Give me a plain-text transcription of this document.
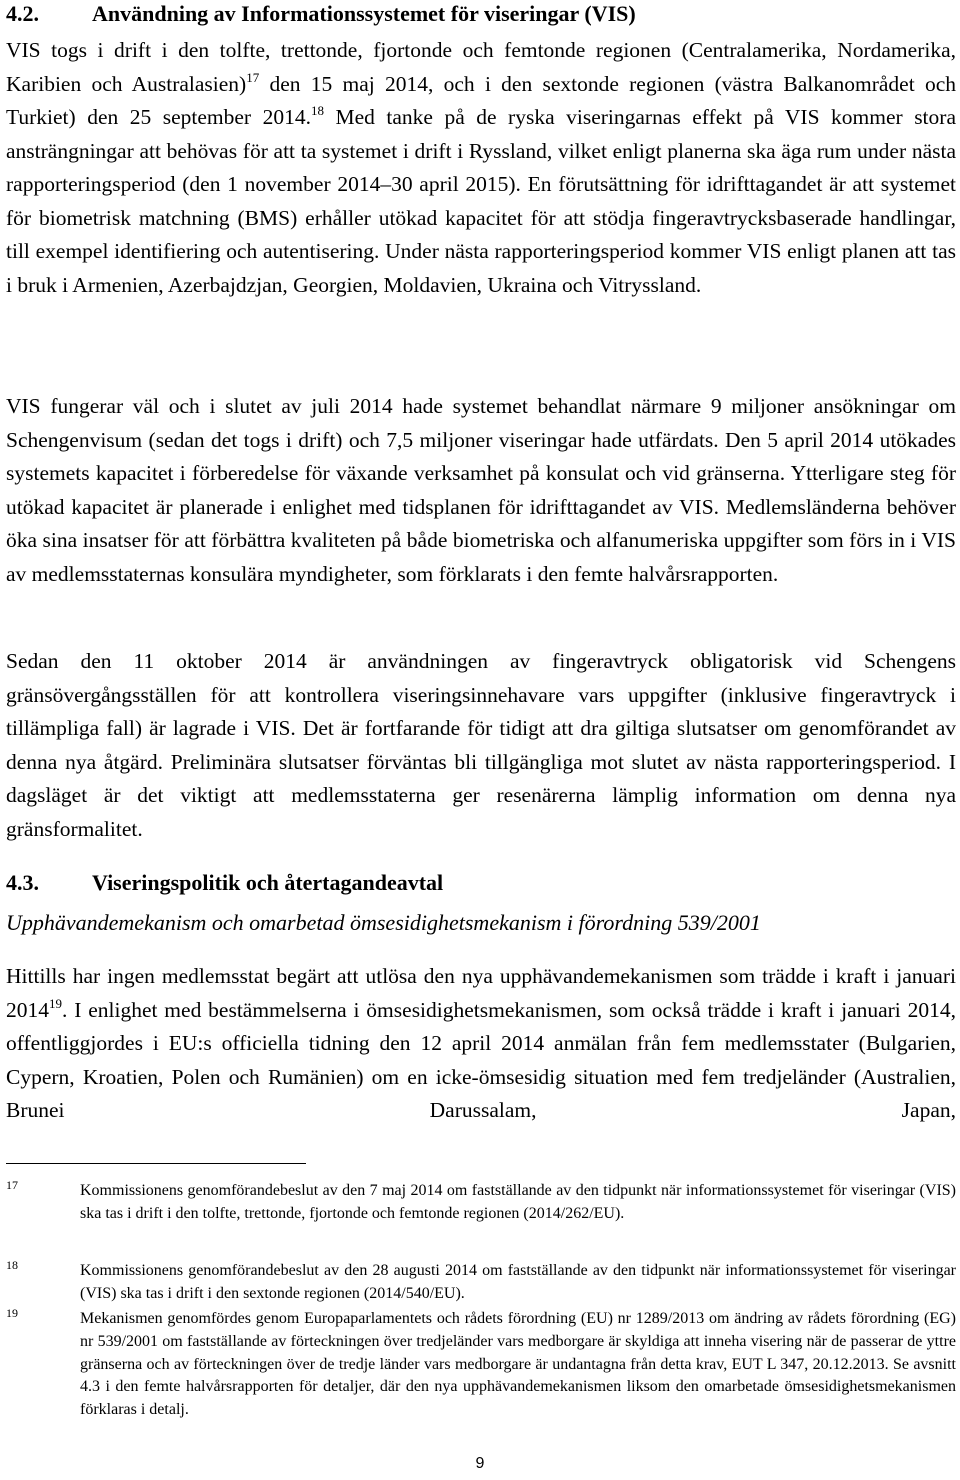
4.2. Användning av Informationssystemet för viseringar (VIS)
VIS togs i drift i den tolfte, trettonde, fjortonde och femtonde regionen (Centralamerika, Nordamerika, Karibien och Australasien)$^{17}$ den 15 maj 2014, och i den sextonde regionen (västra Balkanområdet och Turkiet) den 25 september 2014.18 Med tanke på de ryska viseringarnas effekt på VIS kommer stora ansträngningar att behövas för att ta systemet i drift i Ryssland, vilket enligt planerna ska äga rum under nästa rapporteringsperiod (den 1 november 2014–30 april 2015). En förutsättning för idrifttagandet är att systemet för biometrisk matchning (BMS) erhåller utökad kapacitet för att stödja fingeravtrycksbaserade handlingar, till exempel identifiering och autentisering. Under nästa rapporteringsperiod kommer VIS enligt planen att tas i bruk i Armenien, Azerbajdzjan, Georgien, Moldavien, Ukraina och Vitryssland.
VIS fungerar väl och i slutet av juli 2014 hade systemet behandlat närmare 9 miljoner ansökningar om Schengenvisum (sedan det togs i drift) och 7,5 miljoner viseringar hade utfärdats. Den 5 april 2014 utökades systemets kapacitet i förberedelse för växande verksamhet på konsulat och vid gränserna. Ytterligare steg för utökad kapacitet är planerade i enlighet med tidsplanen för idrifttagandet av VIS. Medlemsländerna behöver öka sina insatser för att förbättra kvaliteten på både biometriska och alfanumeriska uppgifter som förs in i VIS av medlemsstaternas konsulära myndigheter, som förklarats i den femte halvårsrapporten.
Sedan den 11 oktober 2014 är användningen av fingeravtryck obligatorisk vid Schengens gränsövergångsställen för att kontrollera viseringsinnehavare vars uppgifter (inklusive fingeravtryck i tillämpliga fall) är lagrade i VIS. Det är fortfarande för tidigt att dra giltiga slutsatser om genomförandet av denna nya åtgärd. Preliminära slutsatser förväntas bli tillgängliga mot slutet av nästa rapporteringsperiod. I dagsläget är det viktigt att medlemsstaterna ger resenärerna lämplig information om denna nya gränsformalitet.
4.3. Viseringspolitik och återtagandeavtal
Upphävandemekanism och omarbetad ömsesidighetsmekanism i förordning 539/2001
Hittills har ingen medlemsstat begärt att utlösa den nya upphävandemekanismen som trädde i kraft i januari 2014$^{19}$. I enlighet med bestämmelserna i ömsesidighetsmekanismen, som också trädde i kraft i januari 2014, offentliggjordes i EU:s officiella tidning den 12 april 2014 anmälan från fem medlemsstater (Bulgarien, Cypern, Kroatien, Polen och Rumänien) om en icke-ömsesidig situation med fem tredjeländer (Australien, Brunei Darussalam, Japan,
17	Kommissionens genomförandebeslut av den 7 maj 2014 om fastställande av den tidpunkt när informationssystemet för viseringar (VIS) ska tas i drift i den tolfte, trettonde, fjortonde och femtonde regionen (2014/262/EU).
18	Kommissionens genomförandebeslut av den 28 augusti 2014 om fastställande av den tidpunkt när informationssystemet för viseringar (VIS) ska tas i drift i den sextonde regionen (2014/540/EU).
19	Mekanismen genomfördes genom Europaparlamentets och rådets förordning (EU) nr 1289/2013 om ändring av rådets förordning (EG) nr 539/2001 om fastställande av förteckningen över tredjeländer vars medborgare är skyldiga att inneha visering när de passerar de yttre gränserna och av förteckningen över de tredje länder vars medborgare är undantagna från detta krav, EUT L 347, 20.12.2013. Se avsnitt 4.3 i den femte halvårsrapporten för detaljer, där den nya upphävandemekanismen liksom den omarbetade ömsesidighetsmekanismen förklaras i detalj.
9
